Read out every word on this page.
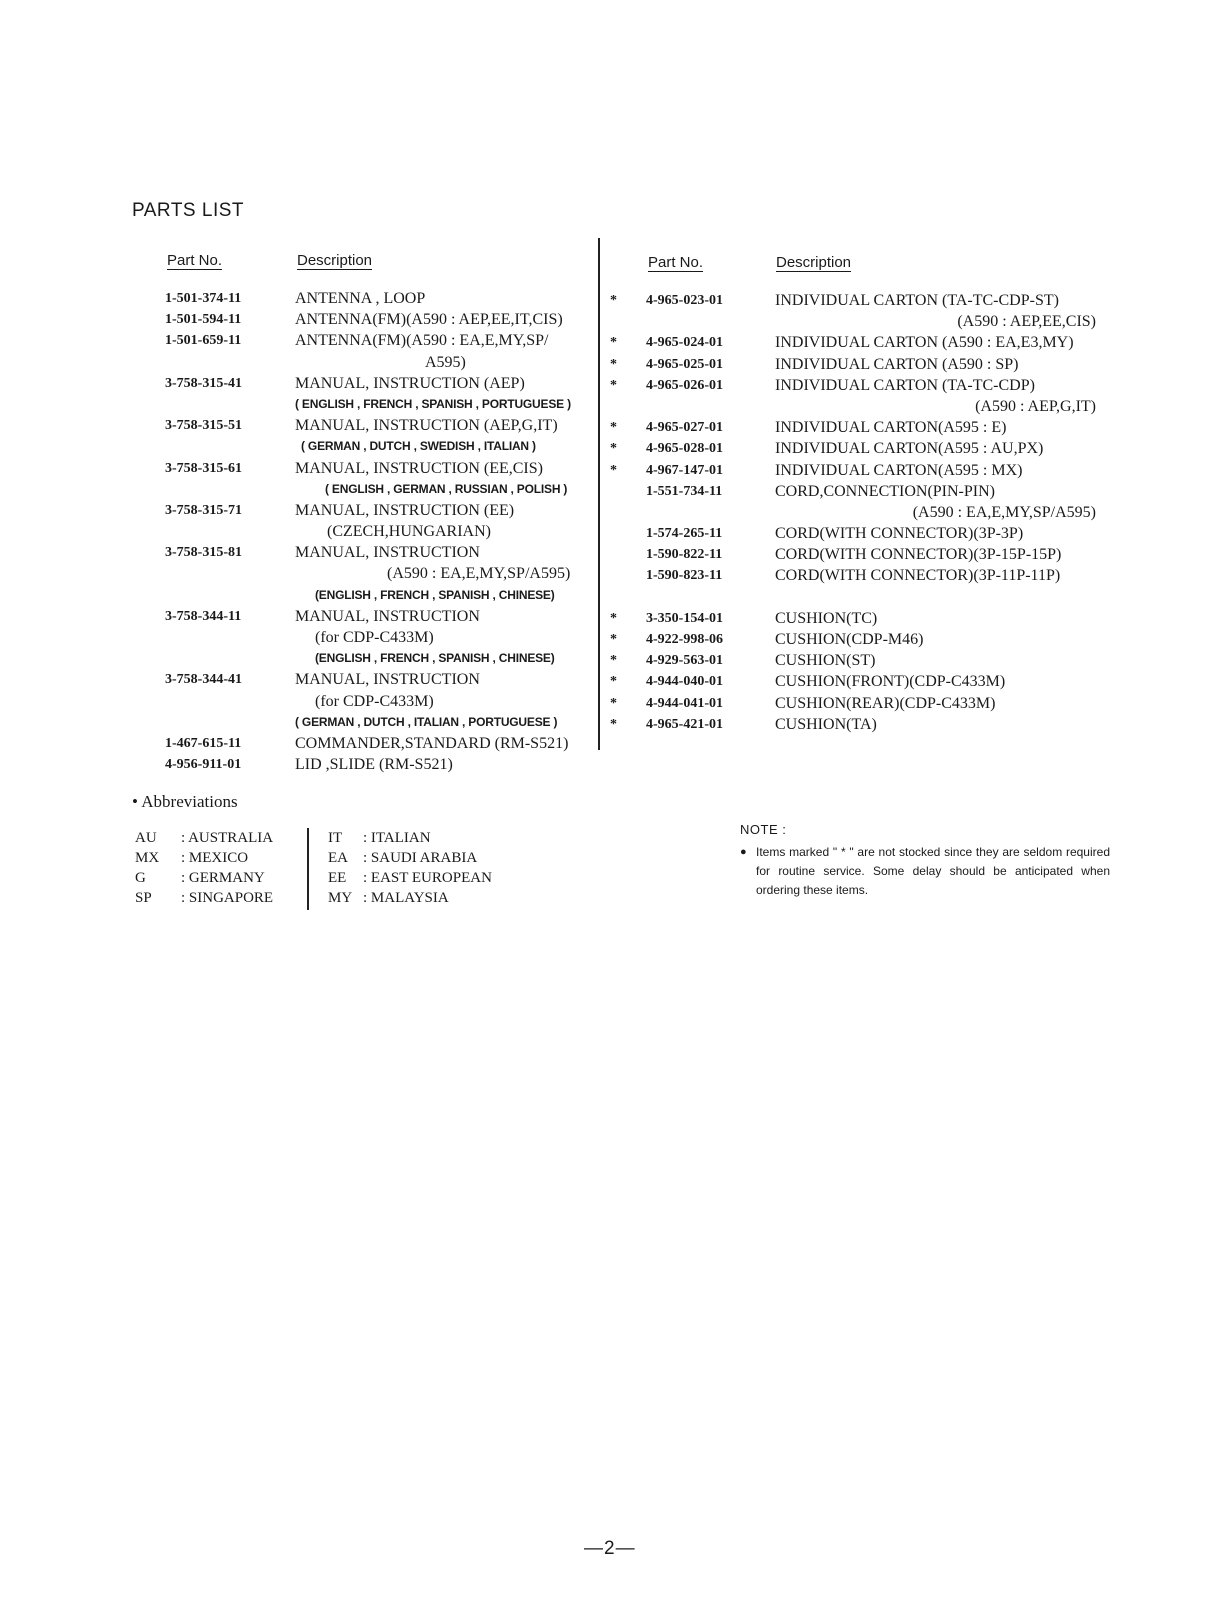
PARTS LIST
Part No.	Description
1-501-374-11	ANTENNA , LOOP
1-501-594-11	ANTENNA(FM)(A590 : AEP,EE,IT,CIS)
1-501-659-11	ANTENNA(FM)(A590 : EA,E,MY,SP/
A595)
3-758-315-41	MANUAL, INSTRUCTION (AEP)
( ENGLISH , FRENCH , SPANISH , PORTUGUESE )
3-758-315-51	MANUAL, INSTRUCTION (AEP,G,IT)
( GERMAN , DUTCH , SWEDISH , ITALIAN )
3-758-315-61	MANUAL, INSTRUCTION (EE,CIS)
( ENGLISH , GERMAN , RUSSIAN , POLISH )
3-758-315-71	MANUAL, INSTRUCTION (EE)
(CZECH,HUNGARIAN)
3-758-315-81	MANUAL, INSTRUCTION
(A590 : EA,E,MY,SP/A595)
(ENGLISH , FRENCH , SPANISH , CHINESE)
3-758-344-11	MANUAL, INSTRUCTION
(for CDP-C433M)
(ENGLISH , FRENCH , SPANISH , CHINESE)
3-758-344-41	MANUAL, INSTRUCTION
(for CDP-C433M)
( GERMAN , DUTCH , ITALIAN , PORTUGUESE )
1-467-615-11	COMMANDER,STANDARD (RM-S521)
4-956-911-01	LID ,SLIDE (RM-S521)
Part No.	Description
* 4-965-023-01	INDIVIDUAL CARTON (TA-TC-CDP-ST)
(A590 : AEP,EE,CIS)
* 4-965-024-01	INDIVIDUAL CARTON (A590 : EA,E3,MY)
* 4-965-025-01	INDIVIDUAL CARTON (A590 : SP)
* 4-965-026-01	INDIVIDUAL CARTON (TA-TC-CDP)
(A590 : AEP,G,IT)
* 4-965-027-01	INDIVIDUAL CARTON(A595 : E)
* 4-965-028-01	INDIVIDUAL CARTON(A595 : AU,PX)
* 4-967-147-01	INDIVIDUAL CARTON(A595 : MX)
1-551-734-11	CORD,CONNECTION(PIN-PIN)
(A590 : EA,E,MY,SP/A595)
1-574-265-11	CORD(WITH CONNECTOR)(3P-3P)
1-590-822-11	CORD(WITH CONNECTOR)(3P-15P-15P)
1-590-823-11	CORD(WITH CONNECTOR)(3P-11P-11P)
* 3-350-154-01	CUSHION(TC)
* 4-922-998-06	CUSHION(CDP-M46)
* 4-929-563-01	CUSHION(ST)
* 4-944-040-01	CUSHION(FRONT)(CDP-C433M)
* 4-944-041-01	CUSHION(REAR)(CDP-C433M)
* 4-965-421-01	CUSHION(TA)
• Abbreviations
AU : AUSTRALIA	IT : ITALIAN
MX : MEXICO	EA : SAUDI ARABIA
G : GERMANY	EE : EAST EUROPEAN
SP : SINGAPORE	MY : MALAYSIA
NOTE :
● Items marked " * " are not stocked since they are seldom required for routine service. Some delay should be anticipated when ordering these items.
—2—
